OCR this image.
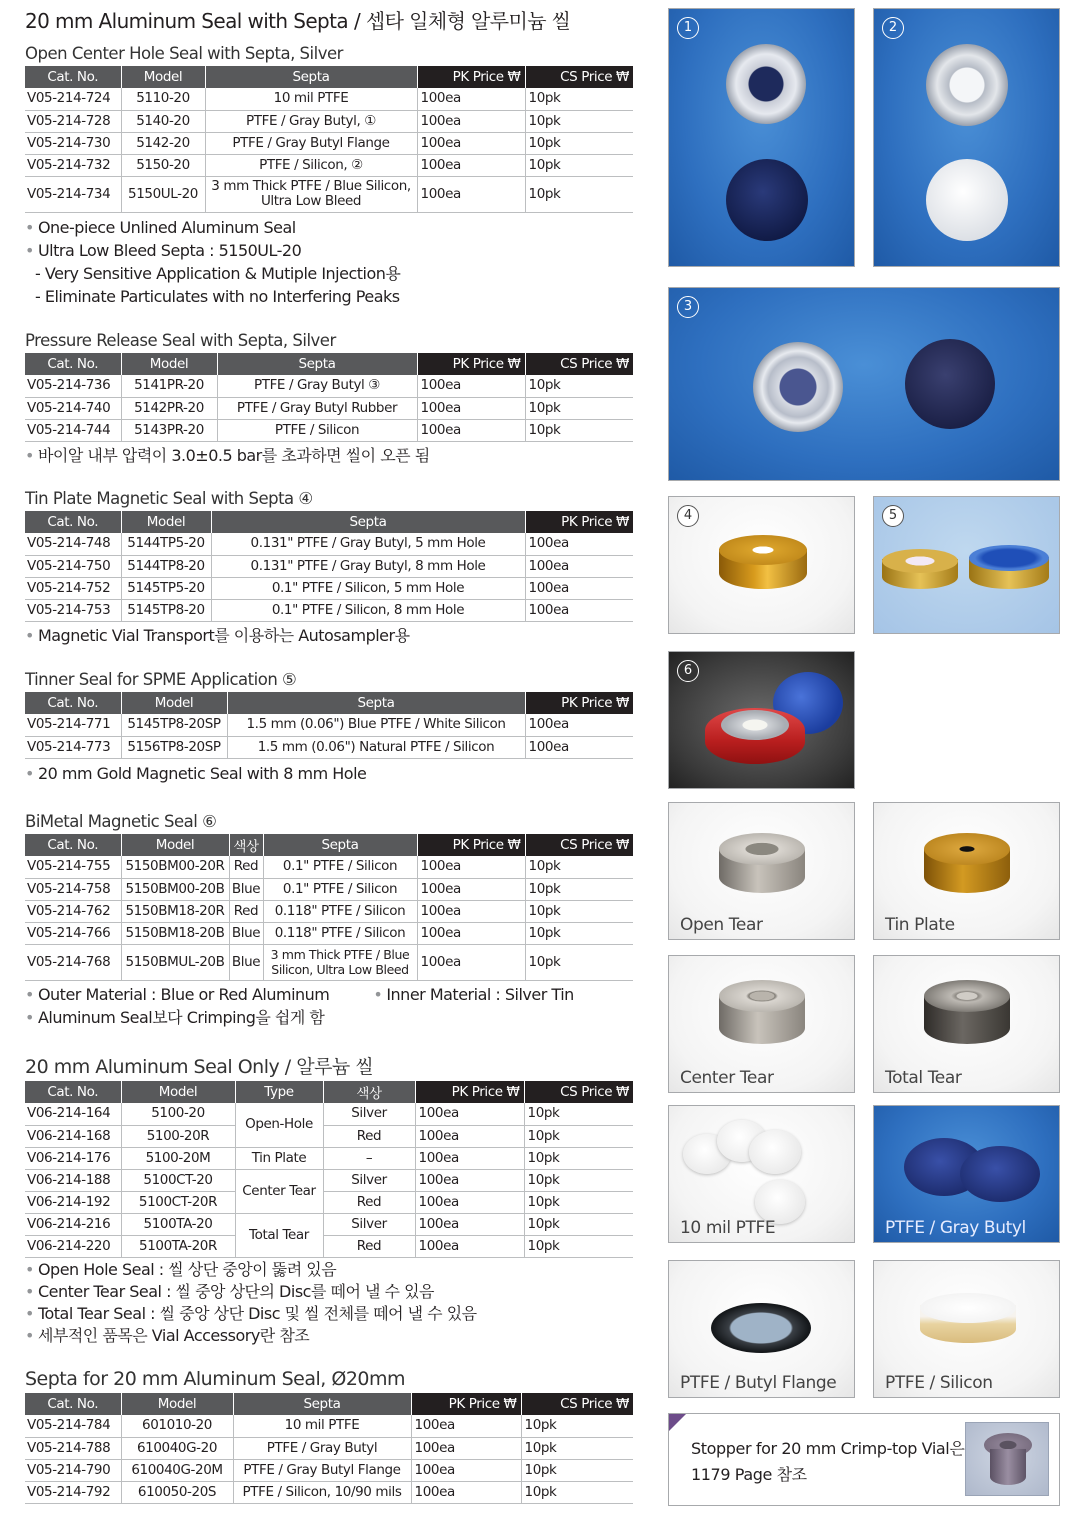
20 mm Aluminum Seal with Septa / 셉타 일체형 알루미늄 씰
Open Center Hole Seal with Septa, Silver
Cat. No.	Model	Septa	PK Price ₩	CS Price ₩
V05-214-724	5110-20	10 mil PTFE	100ea	10pk
V05-214-728	5140-20	PTFE / Gray Butyl, ①	100ea	10pk
V05-214-730	5142-20	PTFE / Gray Butyl Flange	100ea	10pk
V05-214-732	5150-20	PTFE / Silicon, ②	100ea	10pk
V05-214-734	5150UL-20	3 mm Thick PTFE / Blue Silicon, Ultra Low Bleed	100ea	10pk
• One-piece Unlined Aluminum Seal
• Ultra Low Bleed Septa : 5150UL-20
- Very Sensitive Application & Mutiple Injection용
- Eliminate Particulates with no Interfering Peaks
Pressure Release Seal with Septa, Silver
Cat. No.	Model	Septa	PK Price ₩	CS Price ₩
V05-214-736	5141PR-20	PTFE / Gray Butyl ③	100ea	10pk
V05-214-740	5142PR-20	PTFE / Gray Butyl Rubber	100ea	10pk
V05-214-744	5143PR-20	PTFE / Silicon	100ea	10pk
• 바이알 내부 압력이 3.0±0.5 bar를 초과하면 씰이 오픈 됨
Tin Plate Magnetic Seal with Septa ④
Cat. No.	Model	Septa	PK Price ₩
V05-214-748	5144TP5-20	0.131" PTFE / Gray Butyl, 5 mm Hole	100ea
V05-214-750	5144TP8-20	0.131" PTFE / Gray Butyl, 8 mm Hole	100ea
V05-214-752	5145TP5-20	0.1" PTFE / Silicon, 5 mm Hole	100ea
V05-214-753	5145TP8-20	0.1" PTFE / Silicon, 8 mm Hole	100ea
• Magnetic Vial Transport를 이용하는 Autosampler용
Tinner Seal for SPME Application ⑤
Cat. No.	Model	Septa	PK Price ₩
V05-214-771	5145TP8-20SP	1.5 mm (0.06") Blue PTFE / White Silicon	100ea
V05-214-773	5156TP8-20SP	1.5 mm (0.06") Natural PTFE / Silicon	100ea
• 20 mm Gold Magnetic Seal with 8 mm Hole
BiMetal Magnetic Seal ⑥
Cat. No.	Model	색상	Septa	PK Price ₩	CS Price ₩
V05-214-755	5150BM00-20R	Red	0.1" PTFE / Silicon	100ea	10pk
V05-214-758	5150BM00-20B	Blue	0.1" PTFE / Silicon	100ea	10pk
V05-214-762	5150BM18-20R	Red	0.118" PTFE / Silicon	100ea	10pk
V05-214-766	5150BM18-20B	Blue	0.118" PTFE / Silicon	100ea	10pk
V05-214-768	5150BMUL-20B	Blue	3 mm Thick PTFE / Blue Silicon, Ultra Low Bleed	100ea	10pk
• Outer Material : Blue or Red Aluminum	• Inner Material : Silver Tin
• Aluminum Seal보다 Crimping을 쉽게 함
20 mm Aluminum Seal Only / 알루늄 씰
Cat. No.	Model	Type	색상	PK Price ₩	CS Price ₩
V06-214-164	5100-20	Open-Hole	Silver	100ea	10pk
V06-214-168	5100-20R		Red	100ea	10pk
V06-214-176	5100-20M	Tin Plate	–	100ea	10pk
V06-214-188	5100CT-20	Center Tear	Silver	100ea	10pk
V06-214-192	5100CT-20R		Red	100ea	10pk
V06-214-216	5100TA-20	Total Tear	Silver	100ea	10pk
V06-214-220	5100TA-20R		Red	100ea	10pk
• Open Hole Seal : 씰 상단 중앙이 뚫려 있음
• Center Tear Seal : 씰 중앙 상단의 Disc를 떼어 낼 수 있음
• Total Tear Seal : 씰 중앙 상단 Disc 및 씰 전체를 떼어 낼 수 있음
• 세부적인 품목은 Vial Accessory란 참조
Septa for 20 mm Aluminum Seal, Ø20mm
Cat. No.	Model	Septa	PK Price ₩	CS Price ₩
V05-214-784	601010-20	10 mil PTFE	100ea	10pk
V05-214-788	610040G-20	PTFE / Gray Butyl	100ea	10pk
V05-214-790	610040G-20M	PTFE / Gray Butyl Flange	100ea	10pk
V05-214-792	610050-20S	PTFE / Silicon, 10/90 mils	100ea	10pk
1	2
3
4	5
6
Open Tear	Tin Plate
Center Tear	Total Tear
10 mil PTFE	PTFE / Gray Butyl
PTFE / Butyl Flange	PTFE / Silicon
Stopper for 20 mm Crimp-top Vial은
1179 Page 참조
